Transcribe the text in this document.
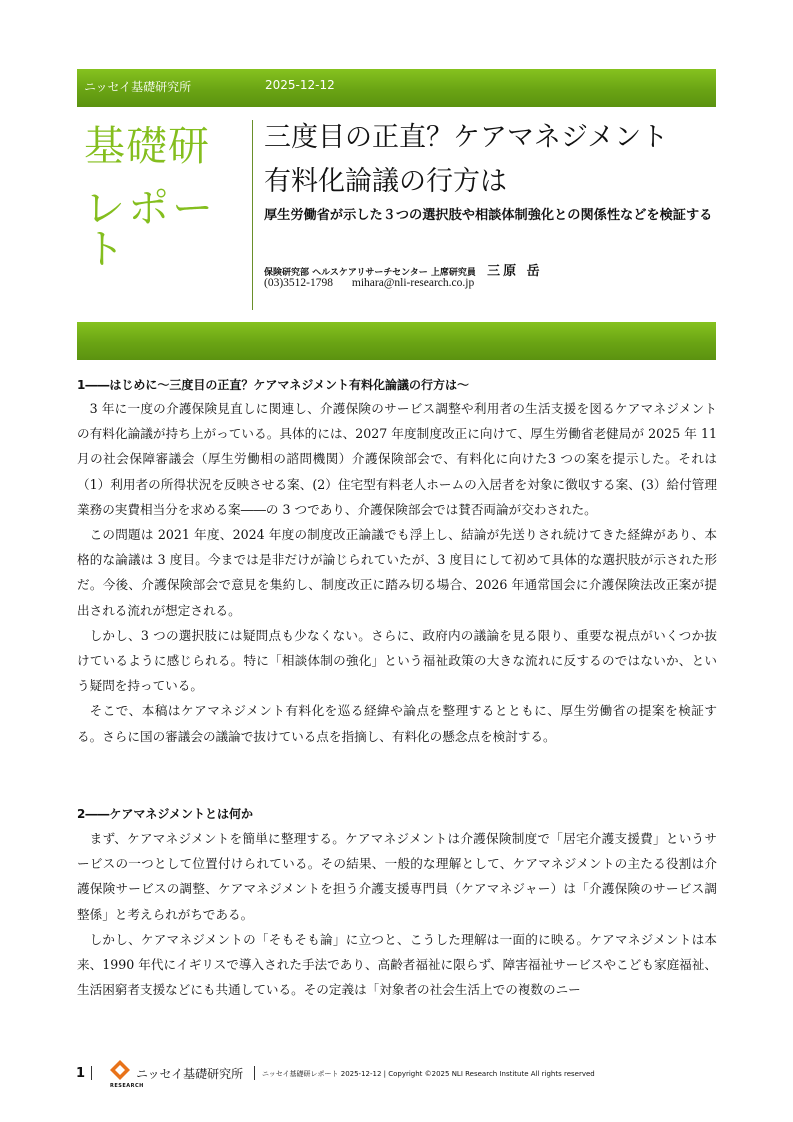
ニッセイ基礎研究所	2025-12-12
基礎研
レポート
三度目の正直？ケアマネジメント
有料化論議の行方は
厚生労働省が示した３つの選択肢や相談体制強化との関係性などを検証する
保険研究部 ヘルスケアリサーチセンター 上席研究員 三原 岳
(03)3512-1798 mihara@nli-research.co.jp

1――はじめに～三度目の正直？ケアマネジメント有料化論議の行方は～

3 年に一度の介護保険見直しに関連し、介護保険のサービス調整や利用者の生活支援を図るケアマネジメントの有料化論議が持ち上がっている。具体的には、2027 年度制度改正に向けて、厚生労働省老健局が 2025 年 11 月の社会保障審議会（厚生労働相の諮問機関）介護保険部会で、有料化に向けた3 つの案を提示した。それは（1）利用者の所得状況を反映させる案、(2）住宅型有料老人ホームの入居者を対象に徴収する案、(3）給付管理業務の実費相当分を求める案――の 3 つであり、介護保険部会では賛否両論が交わされた。

この問題は 2021 年度、2024 年度の制度改正論議でも浮上し、結論が先送りされ続けてきた経緯があり、本格的な論議は 3 度目。今までは是非だけが論じられていたが、3 度目にして初めて具体的な選択肢が示された形だ。今後、介護保険部会で意見を集約し、制度改正に踏み切る場合、2026 年通常国会に介護保険法改正案が提出される流れが想定される。

しかし、3 つの選択肢には疑問点も少なくない。さらに、政府内の議論を見る限り、重要な視点がいくつか抜けているように感じられる。特に「相談体制の強化」という福祉政策の大きな流れに反するのではないか、という疑問を持っている。

そこで、本稿はケアマネジメント有料化を巡る経緯や論点を整理するとともに、厚生労働省の提案を検証する。さらに国の審議会の議論で抜けている点を指摘し、有料化の懸念点を検討する。

2――ケアマネジメントとは何か

まず、ケアマネジメントを簡単に整理する。ケアマネジメントは介護保険制度で「居宅介護支援費」というサービスの一つとして位置付けられている。その結果、一般的な理解として、ケアマネジメントの主たる役割は介護保険サービスの調整、ケアマネジメントを担う介護支援専門員（ケアマネジャー）は「介護保険のサービス調整係」と考えられがちである。

しかし、ケアマネジメントの「そもそも論」に立つと、こうした理解は一面的に映る。ケアマネジメントは本来、1990 年代にイギリスで導入された手法であり、高齢者福祉に限らず、障害福祉サービスやこども家庭福祉、生活困窮者支援などにも共通している。その定義は「対象者の社会生活上での複数のニー

1	ニッセイ基礎研究所
RESEARCH
ニッセイ基礎研レポート 2025-12-12 | Copyright ©2025 NLI Research Institute All rights reserved
